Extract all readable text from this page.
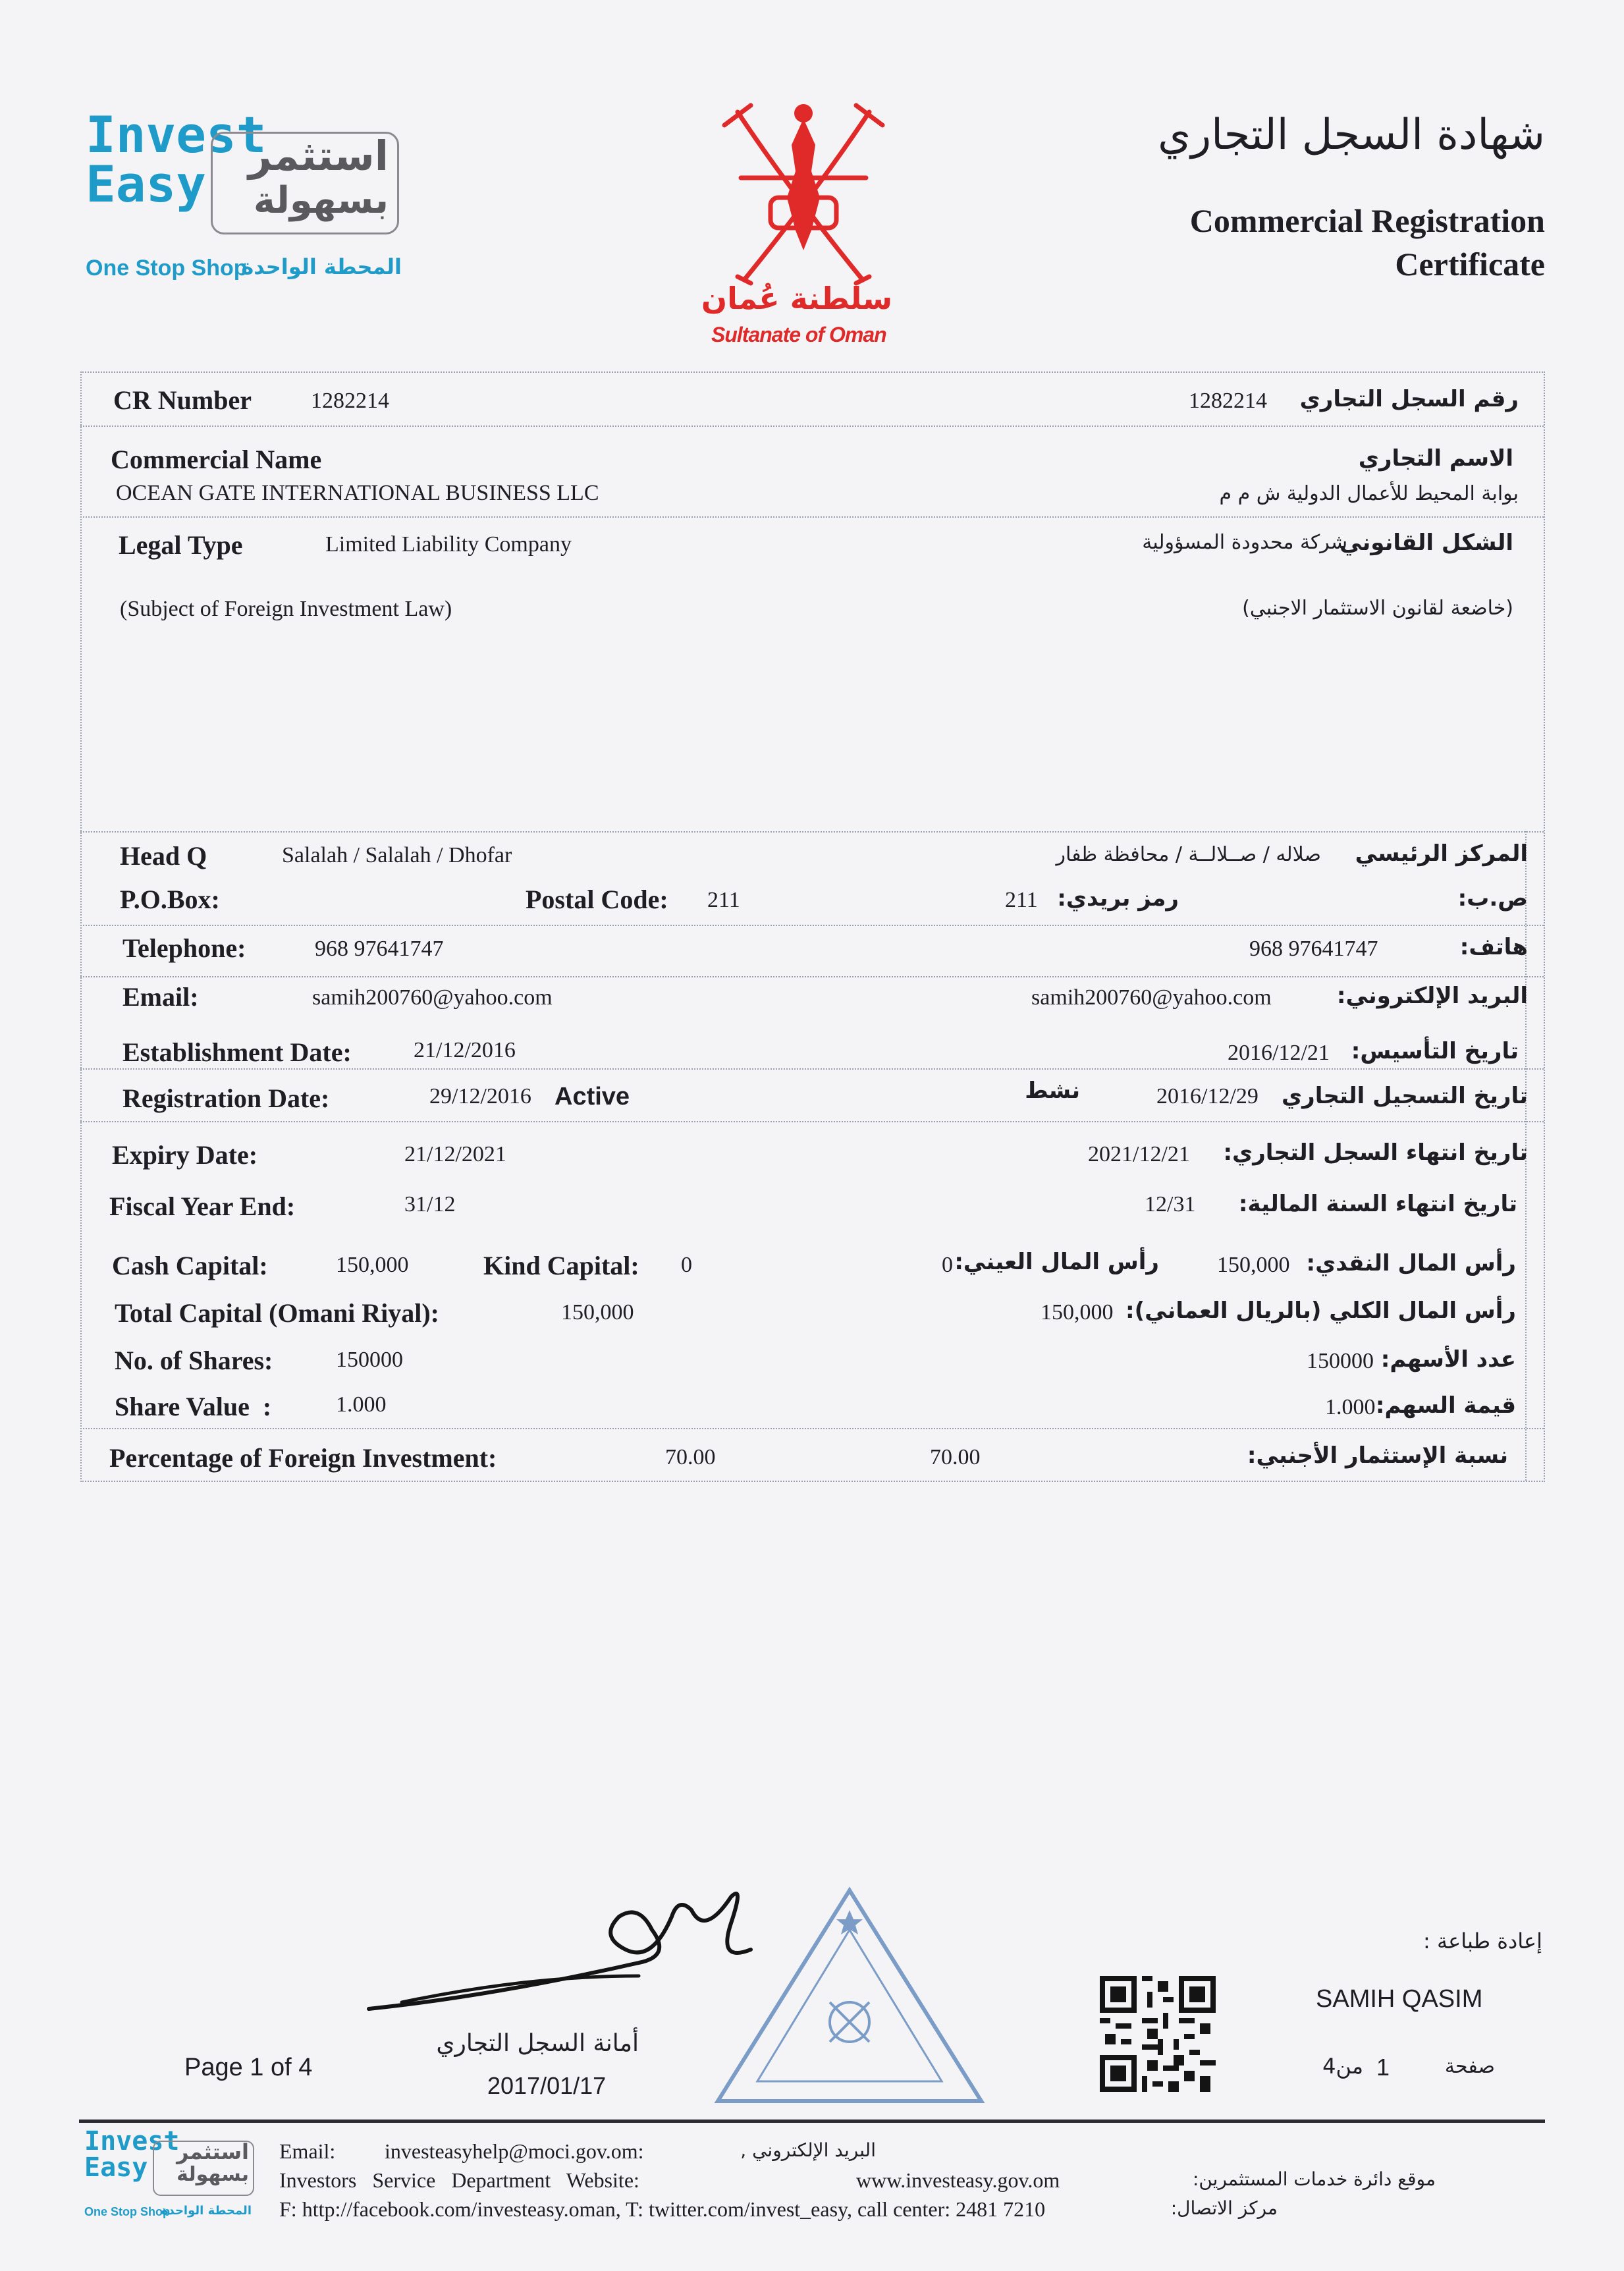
Invest
Easy	استثمر
بسهولة
One Stop Shop
المحطة الواحدة
سلطنة عُمان
Sultanate of Oman
شهادة السجل التجاري
Commercial Registration
Certificate
CR Number	1282214	1282214	رقم السجل التجاري
Commercial Name
OCEAN GATE INTERNATIONAL BUSINESS LLC
الاسم التجاري
بوابة المحيط للأعمال الدولية ش م م
Legal Type	Limited Liability Company	شركة محدودة المسؤولية
الشكل القانوني
(Subject of Foreign Investment Law)	(خاضعة لقانون الاستثمار الاجنبي)
Head Q	Salalah / Salalah / Dhofar	صلاله / صــلالــة / محافظة ظفار	المركز الرئيسي
P.O.Box:	Postal Code: 211	211 رمز بريدي:	ص.ب:
Telephone:	968 97641747	968 97641747	هاتف:
Email:	samih200760@yahoo.com	samih200760@yahoo.com	البريد الإلكتروني:
Establishment Date:	21/12/2016	2016/12/21 تاريخ التأسيس:
Registration Date:	29/12/2016 Active	نشط	2016/12/29 تاريخ التسجيل التجاري
Expiry Date:	21/12/2021	2021/12/21	تاريخ انتهاء السجل التجاري:
Fiscal Year End:	31/12	12/31	تاريخ انتهاء السنة المالية:
Cash Capital:	150,000	Kind Capital: 0	0 رأس المال العيني:	150,000 رأس المال النقدي:
Total Capital (Omani Riyal):	150,000	150,000 رأس المال الكلي (بالريال العماني):
No. of Shares:	150000	150000 عدد الأسهم:
Share Value  :	1.000	1.000 قيمة السهم:
Percentage of Foreign Investment:	70.00	70.00	نسبة الإستثمار الأجنبي:
أمانة السجل التجاري
2017/01/17
Page 1 of 4
إعادة طباعة :
SAMIH QASIM
صفحة
1
من4
Invest
Easy
استثمر
بسهولة
One Stop Shop
المحطة الواحدة
Email: investeasyhelp@moci.gov.om:	البريد الإلكتروني ,
Investors   Service   Department   Website:	www.investeasy.gov.om	موقع دائرة خدمات المستثمرين:
F: http://facebook.com/investeasy.oman, T: twitter.com/invest_easy, call center: 2481 7210	مركز الاتصال:
